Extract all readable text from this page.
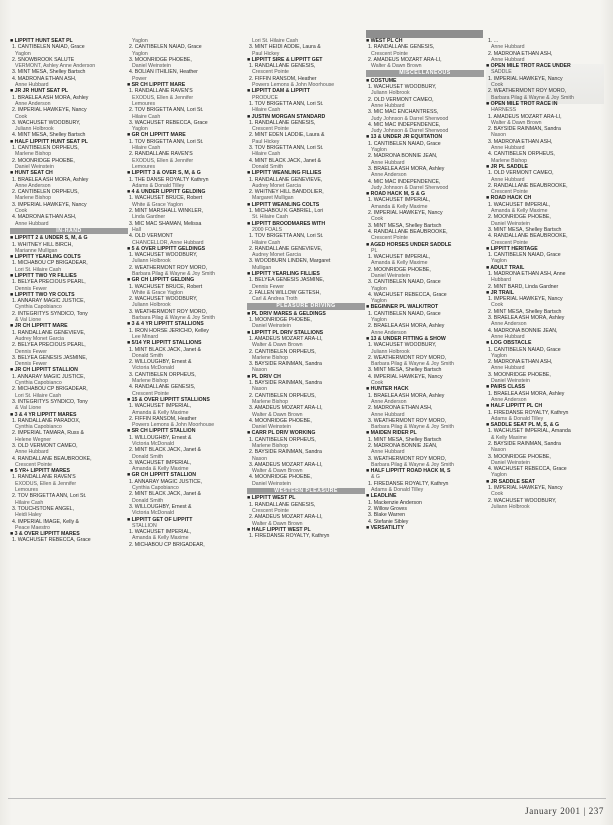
■ LIPPITT HUNT SEAT PL
1. CANTIBELEN NAIAD, Grace
Yaglon
2. SNOWBROOK SALUTE
VERMONT, Ashley Anne Anderson
3. MINT MESA, Shelley Bartsch
4. MADRONA ETHAN ASH,
Anne Hubbard
■ JR JR HUNT SEAT PL
1. BRAELEA ASH MORA, Ashley
Anne Anderson
2. IMPERIAL HAWKEYE, Nancy
Cook
3. WACHUSET WOODBURY,
Juliann Holbrook
4. MINT MESA, Shelley Bartsch
■ HALF LIPPITT HUNT SEAT PL
1. CANTIBELEN ORPHEUS,
Marlene Bishop
2. MOONRIDGE PHOEBE,
Daniel Weinstein
■ HUNT SEAT CH
1. BRAELEA ASH MORA, Ashley
Anne Anderson
2. CANTIBELEN ORPHEUS,
Marlene Bishop
3. IMPERIAL HAWKEYE, Nancy
Cook
4. MADRONA ETHAN ASH,
Anne Hubbard
IN-HAND
■ LIPPITT 2 & UNDER S, M, & G
1. WHITNEY HILL BIRCH,
Marianne Mulligan
■ LIPPITT YEARLING COLTS
1. MICHABOU CP BRIGADEAR,
Lori St. Hilaire Cash
■ LIPPITT TWO YR FILLIES
1. BELYEA PRECIOUS PEARL,
Dennis Fewer
■ LIPPITT TWO YR COLTS
1. ANNARAY MAGIC JUSTICE,
Cynthia Capobianco
2. INTEGRITYS SYNDICO, Tony
& Val Lione
■ JR CH LIPPITT MARE
1. RANDALLANE GENEVIEVE,
Audrey Monet Garcia
2. BELYEA PRECIOUS PEARL,
Dennis Fewer
3. BELYEA GENESIS JASMINE,
Dennis Fewer
■ JR CH LIPPITT STALLION
1. ANNARAY MAGIC JUSTICE,
Cynthia Capobianco
2. MICHABOU CP BRIGADEAR,
Lori St. Hilaire Cash
3. INTEGRITYS SYNDICO, Tony
& Val Lione
■ 3 & 4 YR LIPPITT MARES
1. RANDALLANE PARADOX,
Cynthia Capobianco
2. IMPERIAL TAMARA, Russ &
Helene Wegner
3. OLD VERMONT CAMEO,
Anne Hubbard
4. RANDALLANE BEAUBROOKE,
Crescent Pointe
■ 5 YR+ LIPPITT MARES
1. RANDALLANE RAVEN'S
EXODUS, Ellen & Jennifer
Lemoures
2. TOV BRIGETTA ANN, Lori St.
Hilaire Cash
3. TOUCHSTONE ANGEL,
Heidi Haley
4. IMPERIAL IMAGE, Kelly &
Peace Maestro
■ 3 & OVER LIPPITT MARES
1. WACHUSET REBECCA, Grace
Yaglon
2. CANTIBELEN NAIAD, Grace
Yaglon
3. MOONRIDGE PHOEBE,
Daniel Weinstein
4. BOLIAN ITHILIEN, Heather
Power
■ SR CH LIPPITT MARE
1. RANDALLANE RAVEN'S
EXODUS, Ellen & Jennifer
Lemoures
2. TOV BRIGETTA ANN, Lori St.
Hilaire Cash
3. WACHUSET REBECCA, Grace
Yaglon
■ GR CH LIPPITT MARE
1. TOV BRIGETTA ANN, Lori St.
Hilaire Cash
2. RANDALLANE RAVEN'S
EXODUS, Ellen & Jennifer
Lemoures
■ LIPPITT 3 & OVER S, M, & G
1. THE DANSE ROYALTY Kathryn
Adams & Donald Tilley
■ 4 & UNDER LIPPITT GELDING
1. WACHUSET BRUCE, Robert
White & Grace Yaglon
2. MINT MARSHALL WINKLER,
Linda Gardner
3. MIC MAC SHAMAN, Melissa
Hall
4. OLD VERMONT
CHANCELLOR, Anne Hubbard
■ 5 & OVER LIPPITT GELDINGS
1. WACHUSET WOODBURY,
Juliann Holbrook
2. WEATHERMONT ROY MORO,
Barbara Pilag & Wayne & Joy Smith
■ GR CH LIPPITT GELDING
1. WACHUSET BRUCE, Robert
White & Grace Yaglon
2. WACHUSET WOODBURY,
Juliann Holbrook
3. WEATHERMONT ROY MORO,
Barbara Pilag & Wayne & Joy Smith
■ 3 & 4 YR LIPPITT STALLIONS
1. IRON HORSE JERICHO, Kelley
Lee Minard
■ 5/14 YR LIPPITT STALLIONS
1. MINT BLACK JACK, Janet &
Donald Smith
2. WILLOUGHBY, Ernest &
Victoria McDonald
3. CANTIBELEN ORPHEUS,
Marlene Bishop
4. RANDALLANE GENESIS,
Crescent Pointe
■ 15 & OVER LIPPITT STALLIONS
1. WACHUSET IMPERIAL,
Amanda & Kelly Maxime
2. FIFFIN RANSOM, Heather
Powers Lemons & John Moorhouse
■ SR CH LIPPITT STALLION
1. WILLOUGHBY, Ernest &
Victoria McDonald
2. MINT BLACK JACK, Janet &
Donald Smith
3. WACHUSET IMPERIAL,
Amanda & Kelly Maxime
■ GR CH LIPPITT STALLION
1. ANNARAY MAGIC JUSTICE,
Cynthia Capobianco
2. MINT BLACK JACK, Janet &
Donald Smith
3. WILLOUGHBY, Ernest &
Victoria McDonald
■ LIPPITT GET OF LIPPITT
STALLION
1. WACHUSET IMPERIAL,
Amanda & Kelly Maxime
2. MICHABOU CP BRIGADEAR,
Lori St. Hilaire Cash
3. MINT HEIDI ADDIE, Laura &
Paul Hickey
■ LIPPITT SIRE & LIPPITT GET
1. RANDALLANE GENESIS,
Crescent Pointe
2. FIFFIN RANSOM, Heather
Powers Lemons & John Moorhouse
■ LIPPITT DAM & LIPPITT
PRODUCE
1. TOV BRIGETTA ANN, Lori St.
Hilaire Cash
■ JUSTIN MORGAN STANDARD
1. RANDALLANE GENESIS,
Crescent Pointe
2. MINT EDEN LADDIE, Laura &
Paul Hickey
3. TOV BRIGETTA ANN, Lori St.
Hilaire Cash
4. MINT BLACK JACK, Janet &
Donald Smith
■ LIPPITT WEANLING FILLIES
1. RANDALLANE GENEVIEVE,
Audrey Monet Garcia
2. WHITNEY HILL BANDOLIER,
Margaret Mulligan
■ LIPPITT WEANLING COLTS
1. MICHABOU K GABRIEL, Lori
St. Hilaire Cash
■ LIPPITT BROODMARES WITH
2000 FOALS
1. TOV BRIGETTA ANN, Lori St.
Hilaire Cash
2. RANDALLANE GENEVIEVE,
Audrey Monet Garcia
3. WOODBURN LINDEN, Margaret
Mulligan
■ LIPPITT YEARLING FILLIES
1. BELYEA GENESIS JASMINE,
Dennis Fewer
2. FALLEN WILLOW GETESH,
Carl & Andrea Troth
PLEASURE DRIVING
■ PL DRIV MARES & GELDINGS
1. MOONRIDGE PHOEBE,
Daniel Weinstein
■ LIPPITT PL DRIV STALLIONS
1. AMADEUS MOZART ARA-LI,
Walter & Dawn Brown
2. CANTIBELEN ORPHEUS,
Marlene Bishop
3. BAYSIDE RAINMAN, Sandra
Nason
■ PL DRIV CH
1. BAYSIDE RAINMAN, Sandra
Nason
2. CANTIBELEN ORPHEUS,
Marlene Bishop
3. AMADEUS MOZART ARA-LI,
Walter & Dawn Brown
4. MOONRIDGE PHOEBE,
Daniel Weinstein
■ CARR PL DRIV WORKING
1. CANTIBELEN ORPHEUS,
Marlene Bishop
2. BAYSIDE RAINMAN, Sandra
Nason
3. AMADEUS MOZART ARA-LI,
Walter & Dawn Brown
4. MOONRIDGE PHOEBE,
Daniel Weinstein
WESTERN PLEASURE
■ LIPPITT WEST PL
1. RANDALLANE GENESIS,
Crescent Pointe
2. AMADEUS MOZART ARA-LI,
Walter & Dawn Brown
■ HALF LIPPITT WEST PL
1. FIREDANSE ROYALTY, Kathryn
■ WEST PL CH
1. RANDALLANE GENESIS,
Crescent Pointe
2. AMADEUS MOZART ARA-LI,
Walter & Dawn Brown
MISCELLANEOUS
■ COSTUME
1. WACHUSET WOODBURY,
Juliann Holbrook
2. OLD VERMONT CAMEO,
Anne Hubbard
3. MIC MAC ENCHANTRESS,
Judy Johnson & Darrel Sherwood
4. MIC MAC INDEPENDENCE,
Judy Johnson & Darrel Sherwood
■ 13 & UNDER JR EQUITATION
1. CANTIBELEN NAIAD, Grace
Yaglon
2. MADRONA BONNIE JEAN,
Anne Hubbard
3. BRAELEA ASH MORA, Ashley
Anne Anderson
4. MIC MAC INDEPENDENCE,
Judy Johnson & Darrel Sherwood
■ ROAD HACK M, S & G
1. WACHUSET IMPERIAL,
Amanda & Kelly Maxime
2. IMPERIAL HAWKEYE, Nancy
Cook
3. MINT MESA, Shelley Bartsch
4. RANDALLANE BEAUBROOKE,
Crescent Pointe
■ AGED HORSES UNDER SADDLE
PL
1. WACHUSET IMPERIAL,
Amanda & Kelly Maxime
2. MOONRIDGE PHOEBE,
Daniel Weinstein
3. CANTIBELEN NAIAD, Grace
Yaglon
4. WACHUSET REBECCA, Grace
Yaglon
■ BEGINNER PL WALK/TROT
1. CANTIBELEN NAIAD, Grace
Yaglon
2. BRAELEA ASH MORA, Ashley
Anne Anderson
■ 13 & UNDER FITTING & SHOW
1. WACHUSET WOODBURY,
Juliann Holbrook
2. WEATHERMONT ROY MORO,
Barbara Pilag & Wayne & Joy Smith
3. MINT MESA, Shelley Bartsch
4. IMPERIAL HAWKEYE, Nancy
Cook
■ HUNTER HACK
1. BRAELEA ASH MORA, Ashley
Anne Anderson
2. MADRONA ETHAN ASH,
Anne Hubbard
3. WEATHERMONT ROY MORO,
Barbara Pilag & Wayne & Joy Smith
■ MAIDEN RIDER PL
1. MINT MESA, Shelley Bartsch
2. MADRONA BONNIE JEAN,
Anne Hubbard
3. WEATHERMONT ROY MORO,
Barbara Pilag & Wayne & Joy Smith
■ HALF LIPPITT ROAD HACK M, S
& G
1. FIREDANSE ROYALTY, Kathryn
Adams & Donald Tilley
■ LEADLINE
1. Mackenzie Anderson
2. Willow Groves
3. Blake Warren
4. Stefanie Sibley
■ VERSATILITY
1. ...
Anne Hubbard
2. MADRONA ETHAN ASH,
Anne Hubbard
■ OPEN MILE TROT RACE UNDER
SADDLE
1. IMPERIAL HAWKEYE, Nancy
Cook
2. WEATHERMONT ROY MORO,
Barbara Pilag & Wayne & Joy Smith
■ OPEN MILE TROT RACE IN
HARNESS
1. AMADEUS MOZART ARA-LI,
Walter & Dawn Brown
2. BAYSIDE RAINMAN, Sandra
Nason
3. MADRONA ETHAN ASH,
Anne Hubbard
4. CANTIBELEN ORPHEUS,
Marlene Bishop
■ JR PL SADDLE
1. OLD VERMONT CAMEO,
Anne Hubbard
2. RANDALLANE BEAUBROOKE,
Crescent Pointe
■ ROAD HACK CH
1. WACHUSET IMPERIAL,
Amanda & Kelly Maxime
2. MOONRIDGE PHOEBE,
Daniel Weinstein
3. MINT MESA, Shelley Bartsch
4. RANDALLANE BEAUBROOKE,
Crescent Pointe
■ LIPPITT HERITAGE
1. CANTIBELEN NAIAD, Grace
Yaglon
■ ADULT TRAIL
1. MADRONA ETHAN ASH, Anne
Hubbard
2. MINT BARD, Linda Gardner
■ JR TRAIL
1. IMPERIAL HAWKEYE, Nancy
Cook
2. MINT MESA, Shelley Bartsch
3. BRAELEA ASH MORA, Ashley
Anne Anderson
4. MADRONA BONNIE JEAN,
Anne Hubbard
■ LOG OBSTACLE
1. CANTIBELEN NAIAD, Grace
Yaglon
2. MADRONA ETHAN ASH,
Anne Hubbard
3. MOONRIDGE PHOEBE,
Daniel Weinstein
■ PAIRS CLASS
1. BRAELEA ASH MORA, Ashley
Anne Anderson
■ HALF LIPPITT PL CH
1. FIREDANSE ROYALTY, Kathryn
Adams & Donald Tilley
■ SADDLE SEAT PL M, S, & G
1. WACHUSET IMPERIAL, Amanda
& Kelly Maxime
2. BAYSIDE RAINMAN, Sandra
Nason
3. MOONRIDGE PHOEBE,
Daniel Weinstein
4. WACHUSET REBECCA, Grace
Yaglon
■ JR SADDLE SEAT
1. IMPERIAL HAWKEYE, Nancy
Cook
2. WACHUSET WOODBURY,
Juliann Holbrook
January 2001 | 237
